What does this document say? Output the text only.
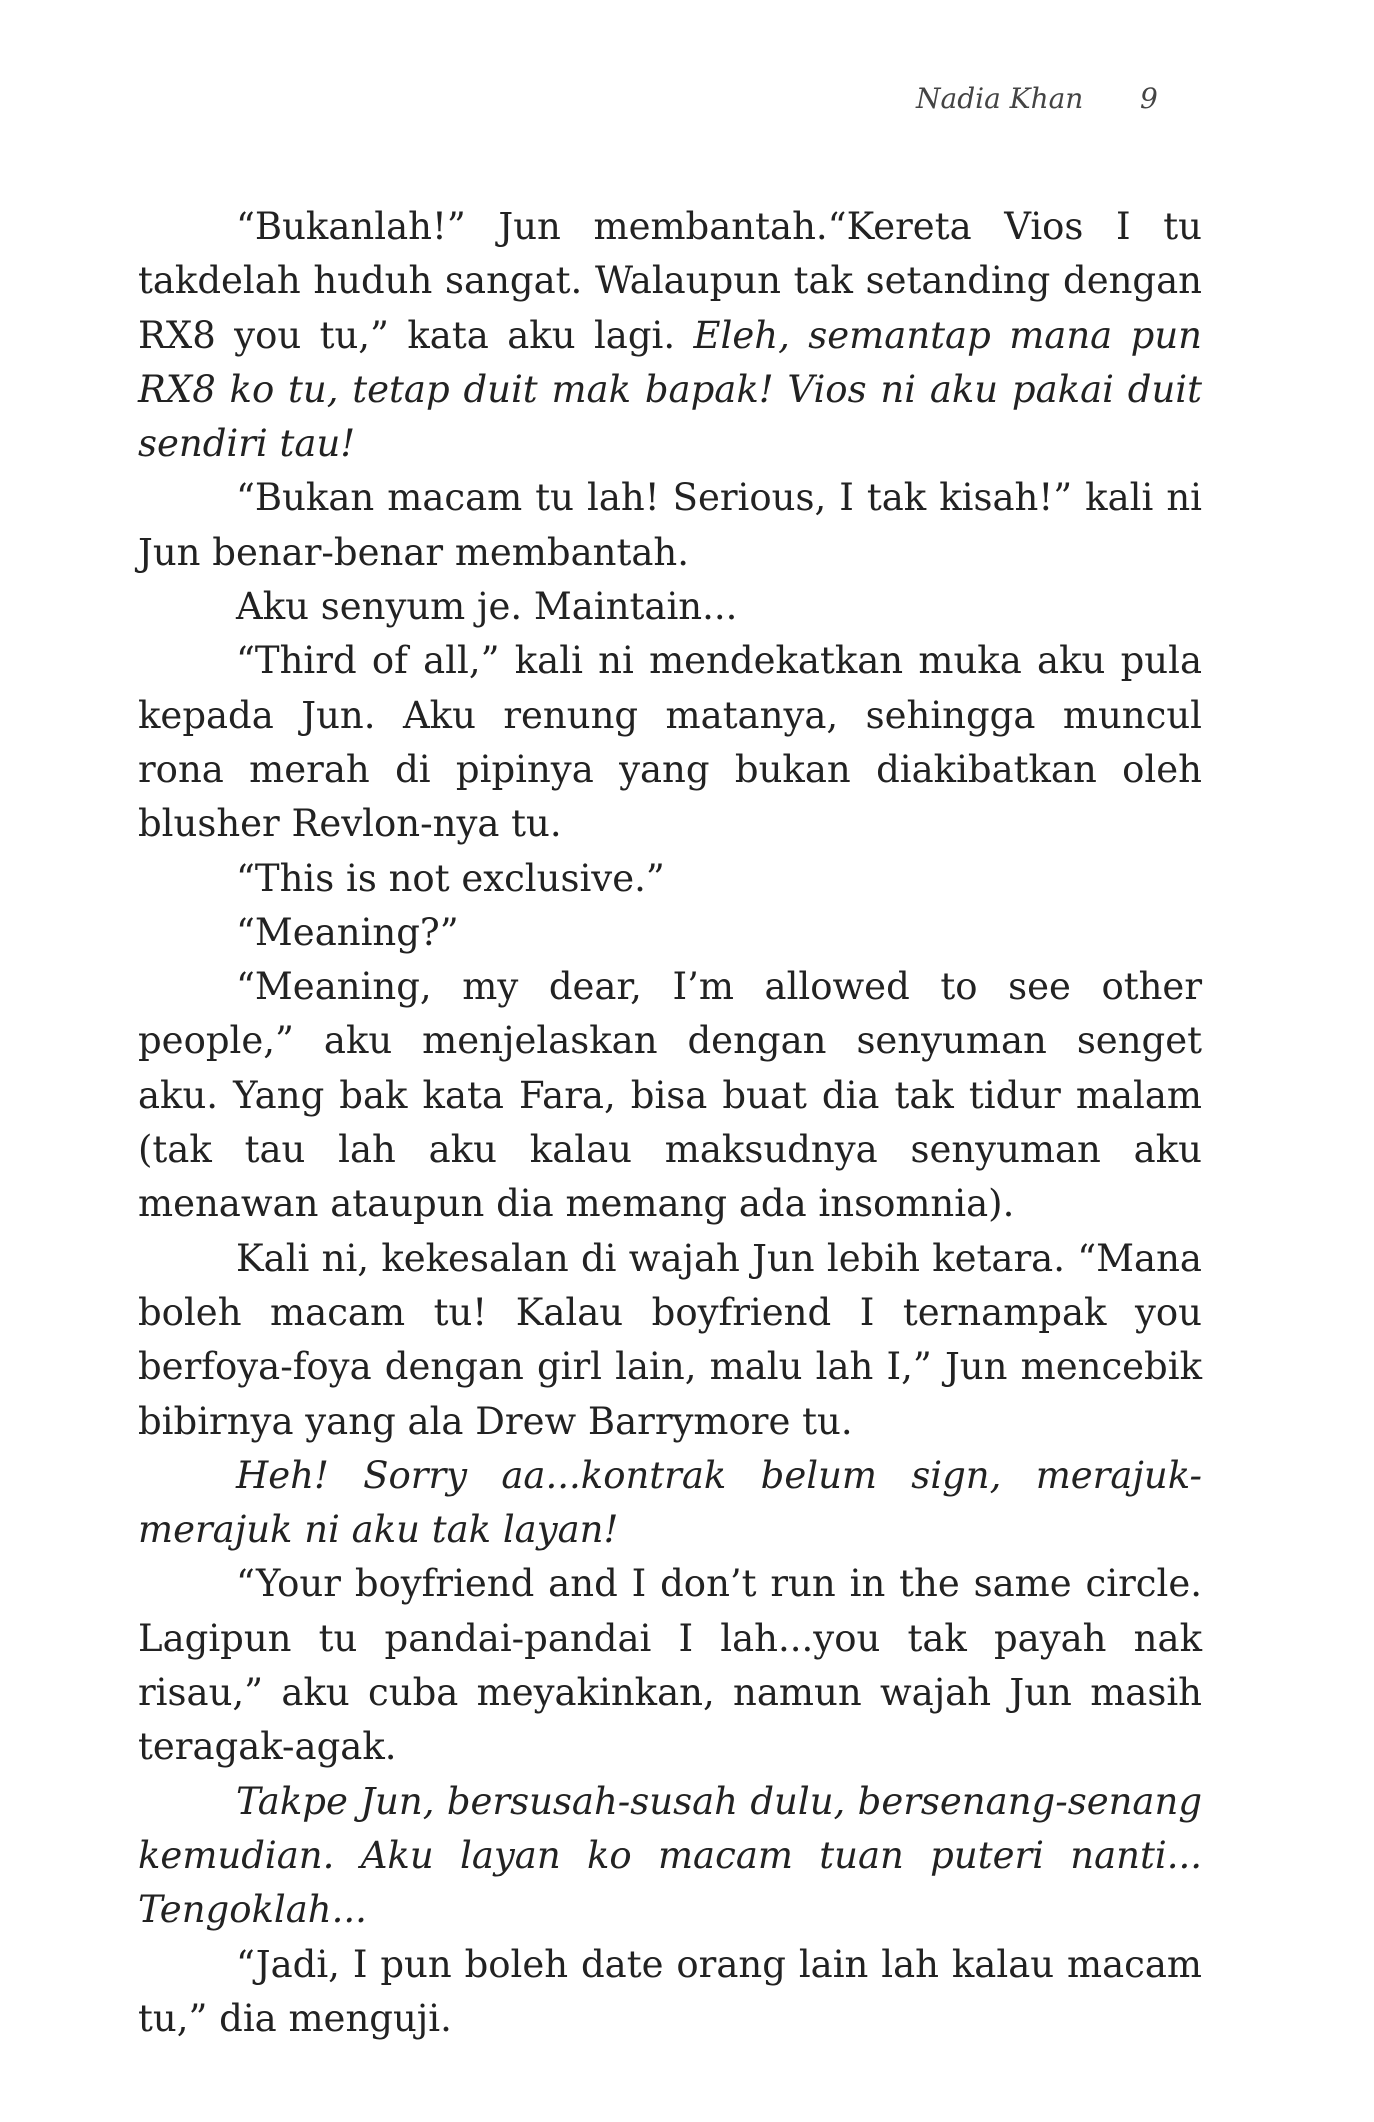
Nadia Khan 9

“Bukanlah!” Jun membantah.“Kereta Vios I tu takdelah huduh sangat. Walaupun tak setanding dengan RX8 you tu,” kata aku lagi. Eleh, semantap mana pun RX8 ko tu, tetap duit mak bapak! Vios ni aku pakai duit sendiri tau!

“Bukan macam tu lah! Serious, I tak kisah!” kali ni Jun benar-benar membantah.

Aku senyum je. Maintain...

“Third of all,” kali ni mendekatkan muka aku pula kepada Jun. Aku renung matanya, sehingga muncul rona merah di pipinya yang bukan diakibatkan oleh blusher Revlon-nya tu.

“This is not exclusive.”

“Meaning?”

“Meaning, my dear, I’m allowed to see other people,” aku menjelaskan dengan senyuman senget aku. Yang bak kata Fara, bisa buat dia tak tidur malam (tak tau lah aku kalau maksudnya senyuman aku menawan ataupun dia memang ada insomnia).

Kali ni, kekesalan di wajah Jun lebih ketara. “Mana boleh macam tu! Kalau boyfriend I ternampak you berfoya-foya dengan girl lain, malu lah I,” Jun mencebik bibirnya yang ala Drew Barrymore tu.

Heh! Sorry aa...kontrak belum sign, merajuk-merajuk ni aku tak layan!

“Your boyfriend and I don’t run in the same circle. Lagipun tu pandai-pandai I lah...you tak payah nak risau,” aku cuba meyakinkan, namun wajah Jun masih teragak-agak.

Takpe Jun, bersusah-susah dulu, bersenang-senang kemudian. Aku layan ko macam tuan puteri nanti... Tengoklah...

“Jadi, I pun boleh date orang lain lah kalau macam tu,” dia menguji.
